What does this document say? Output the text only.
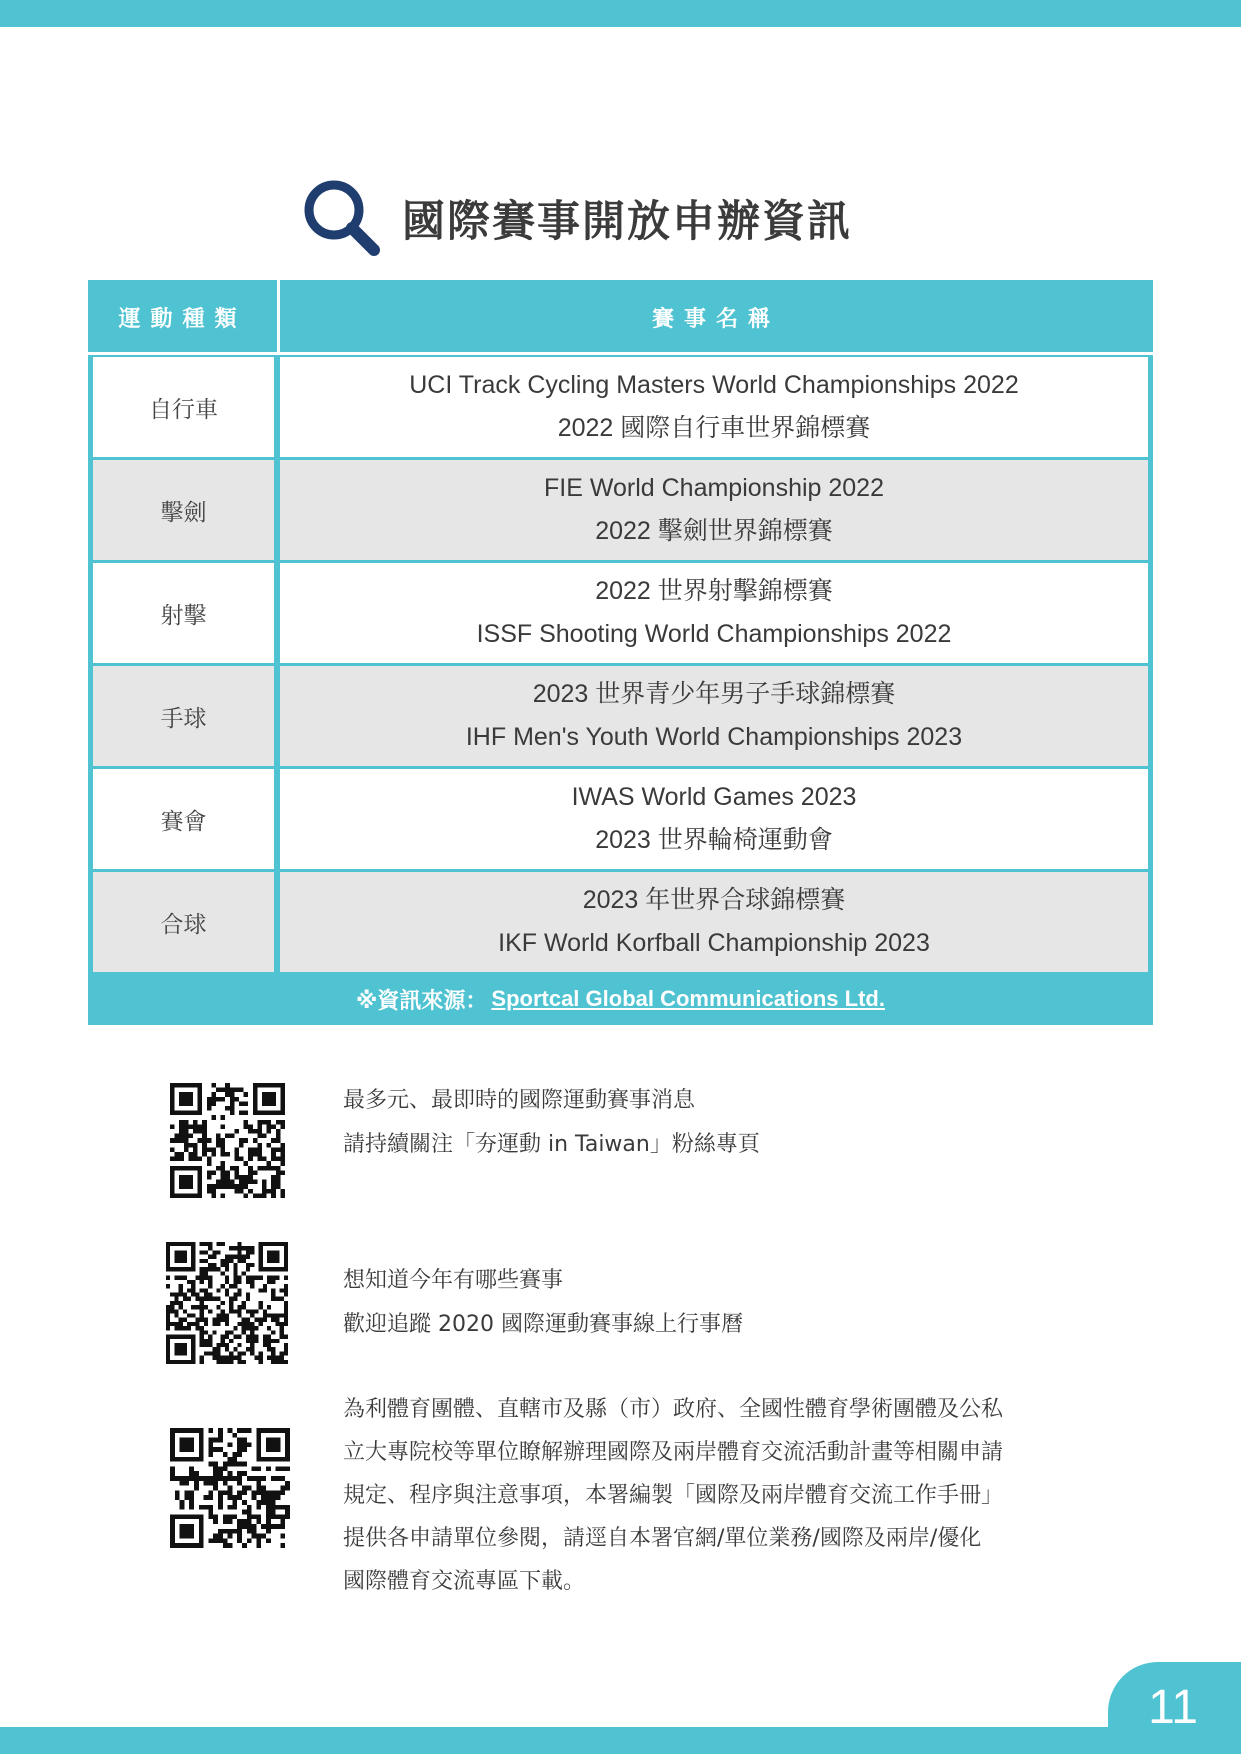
國際賽事開放申辦資訊
運動種類	賽事名稱
自行車
UCI Track Cycling Masters World Championships 2022
2022 國際自行車世界錦標賽
擊劍
FIE World Championship 2022
2022 擊劍世界錦標賽
射擊
2022 世界射擊錦標賽
ISSF Shooting World Championships 2022
手球
2023 世界青少年男子手球錦標賽
IHF Men's Youth World Championships 2023
賽會
IWAS World Games 2023
2023 世界輪椅運動會
合球
2023 年世界合球錦標賽
IKF World Korfball Championship 2023
※資訊來源： Sportcal Global Communications Ltd.

最多元、最即時的國際運動賽事消息

請持續關注「夯運動 in Taiwan」粉絲專頁

想知道今年有哪些賽事

歡迎追蹤 2020 國際運動賽事線上行事曆

為利體育團體、直轄市及縣（市）政府、全國性體育學術團體及公私

立大專院校等單位瞭解辦理國際及兩岸體育交流活動計畫等相關申請

規定、程序與注意事項，本署編製「國際及兩岸體育交流工作手冊」

提供各申請單位參閱，請逕自本署官網/單位業務/國際及兩岸/優化

國際體育交流專區下載。

11
